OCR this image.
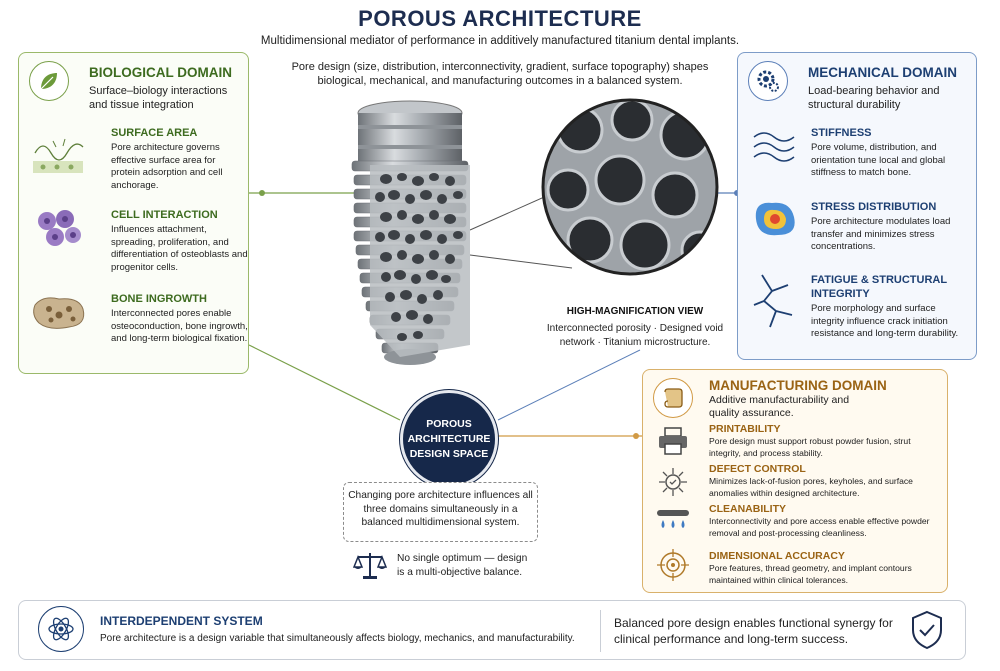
POROUS ARCHITECTURE
Multidimensional mediator of performance in additively manufactured titanium dental implants.
Pore design (size, distribution, interconnectivity, gradient, surface topography) shapes biological, mechanical, and manufacturing outcomes in a balanced system.
BIOLOGICAL DOMAIN
Surface–biology interactions and tissue integration
SURFACE AREA
Pore architecture governs effective surface area for protein adsorption and cell anchorage.
CELL INTERACTION
Influences attachment, spreading, proliferation, and differentiation of osteoblasts and progenitor cells.
BONE INGROWTH
Interconnected pores enable osteoconduction, bone ingrowth, and long-term biological fixation.
HIGH-MAGNIFICATION VIEW
Interconnected porosity · Designed void network · Titanium microstructure.
MECHANICAL DOMAIN
Load-bearing behavior and structural durability
STIFFNESS
Pore volume, distribution, and orientation tune local and global stiffness to match bone.
STRESS DISTRIBUTION
Pore architecture modulates load transfer and minimizes stress concentrations.
FATIGUE & STRUCTURAL INTEGRITY
Pore morphology and surface integrity influence crack initiation resistance and long-term durability.
POROUS ARCHITECTURE DESIGN SPACE
Changing pore architecture influences all three domains simultaneously in a balanced multidimensional system.
No single optimum — design is a multi-objective balance.
MANUFACTURING DOMAIN
Additive manufacturability and quality assurance.
PRINTABILITY
Pore design must support robust powder fusion, strut integrity, and process stability.
DEFECT CONTROL
Minimizes lack-of-fusion pores, keyholes, and surface anomalies within designed architecture.
CLEANABILITY
Interconnectivity and pore access enable effective powder removal and post-processing cleanliness.
DIMENSIONAL ACCURACY
Pore features, thread geometry, and implant contours maintained within clinical tolerances.
INTERDEPENDENT SYSTEM
Pore architecture is a design variable that simultaneously affects biology, mechanics, and manufacturability.
Balanced pore design enables functional synergy for clinical performance and long-term success.
